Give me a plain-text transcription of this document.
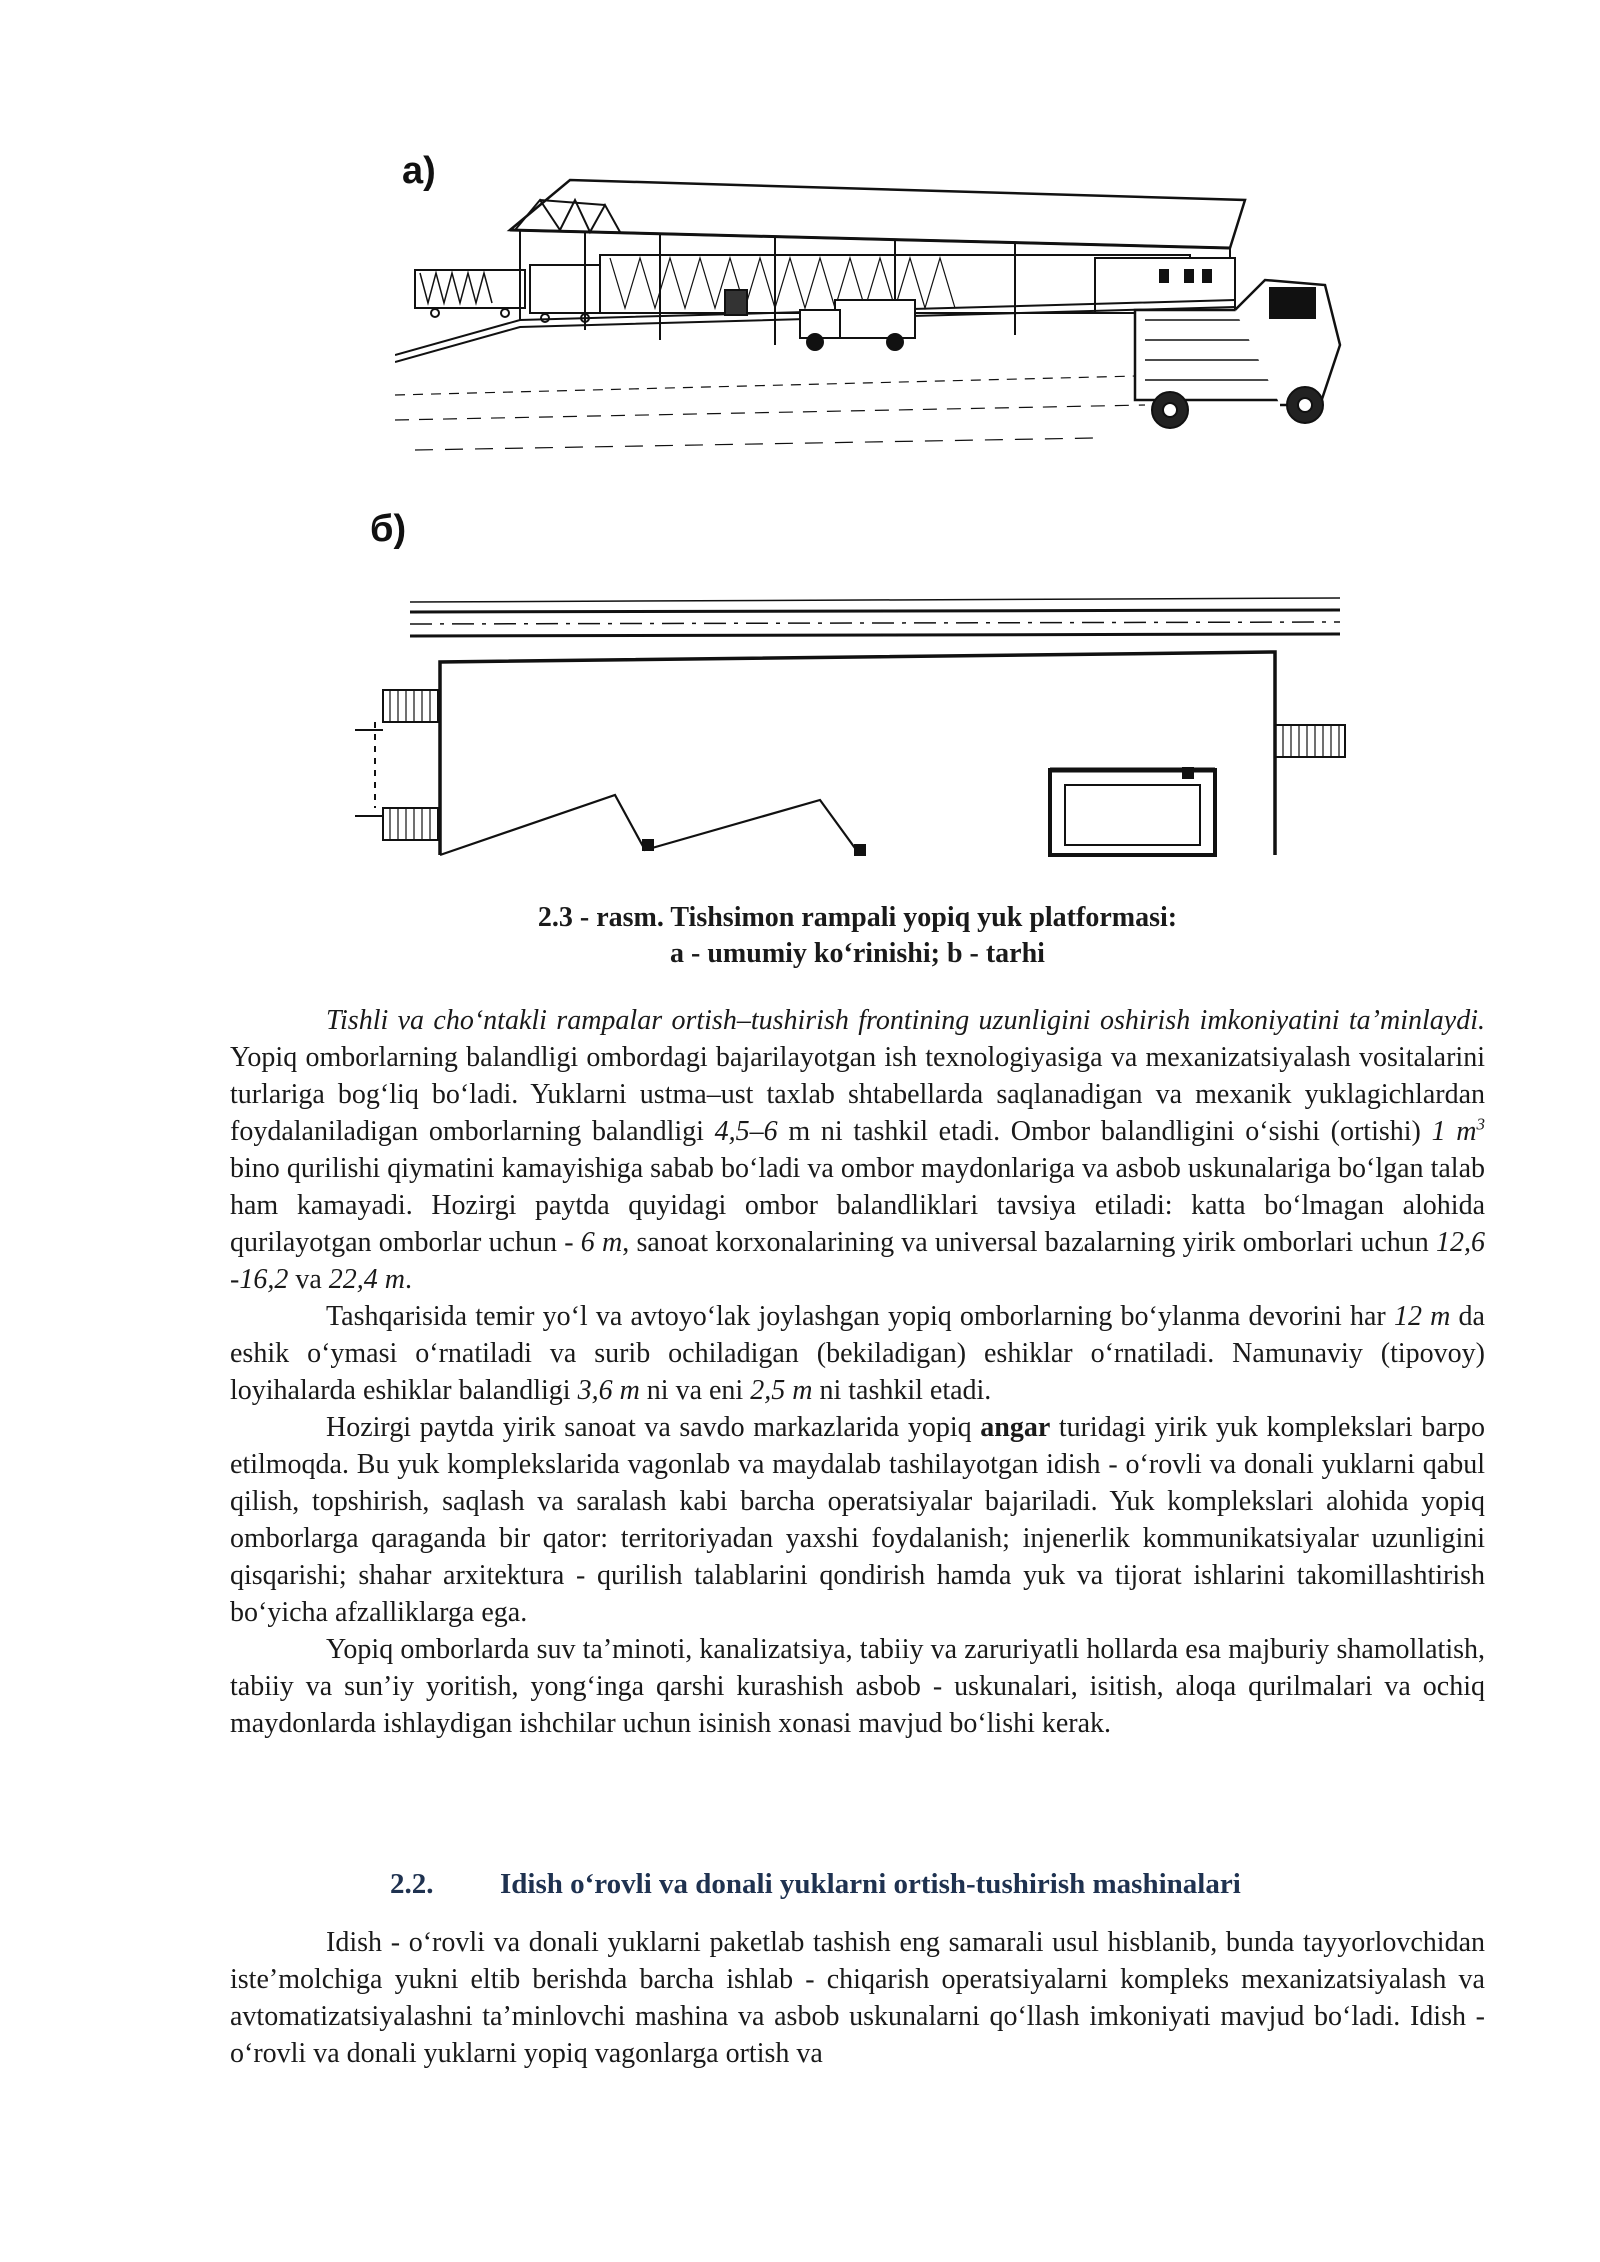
а)
б)
2.3 - rasm. Tishsimon rampali yopiq yuk platformasi:
a - umumiy ko‘rinishi; b - tarhi

Tishli va cho‘ntakli rampalar ortish–tushirish frontining uzunligini oshirish imkoniyatini ta’minlaydi. Yopiq omborlarning balandligi ombordagi bajarilayotgan ish texnologiyasiga va mexanizatsiyalash vositalarini turlariga bog‘liq bo‘ladi. Yuklarni ustma–ust taxlab shtabellarda saqlanadigan va mexanik yuklagichlardan foydalaniladigan omborlarning balandligi 4,5–6 m ni tashkil etadi. Ombor balandligini o‘sishi (ortishi) 1 $m^3$ bino qurilishi qiymatini kamayishiga sabab bo‘ladi va ombor maydonlariga va asbob uskunalariga bo‘lgan talab ham kamayadi. Hozirgi paytda quyidagi ombor balandliklari tavsiya etiladi: katta bo‘lmagan alohida qurilayotgan omborlar uchun - 6 m, sanoat korxonalarining va universal bazalarning yirik omborlari uchun 12,6 -16,2 va 22,4 m.

Tashqarisida temir yo‘l va avtoyo‘lak joylashgan yopiq omborlarning bo‘ylanma devorini har 12 m da eshik o‘ymasi o‘rnatiladi va surib ochiladigan (bekiladigan) eshiklar o‘rnatiladi. Namunaviy (tipovoy) loyihalarda eshiklar balandligi 3,6 m ni va eni 2,5 m ni tashkil etadi.

Hozirgi paytda yirik sanoat va savdo markazlarida yopiq angar turidagi yirik yuk komplekslari barpo etilmoqda. Bu yuk komplekslarida vagonlab va maydalab tashilayotgan idish - o‘rovli va donali yuklarni qabul qilish, topshirish, saqlash va saralash kabi barcha operatsiyalar bajariladi. Yuk komplekslari alohida yopiq omborlarga qaraganda bir qator: territoriyadan yaxshi foydalanish; injenerlik kommunikatsiyalar uzunligini qisqarishi; shahar arxitektura - qurilish talablarini qondirish hamda yuk va tijorat ishlarini takomillashtirish bo‘yicha afzalliklarga ega.

Yopiq omborlarda suv ta’minoti, kanalizatsiya, tabiiy va zaruriyatli hollarda esa majburiy shamollatish, tabiiy va sun’iy yoritish, yong‘inga qarshi kurashish asbob - uskunalari, isitish, aloqa qurilmalari va ochiq maydonlarda ishlaydigan ishchilar uchun isinish xonasi mavjud bo‘lishi kerak.

2.2. Idish o‘rovli va donali yuklarni ortish-tushirish mashinalari

Idish - o‘rovli va donali yuklarni paketlab tashish eng samarali usul hisblanib, bunda tayyorlovchidan iste’molchiga yukni eltib berishda barcha ishlab - chiqarish operatsiyalarni kompleks mexanizatsiyalash va avtomatizatsiyalashni ta’minlovchi mashina va asbob uskunalarni qo‘llash imkoniyati mavjud bo‘ladi. Idish - o‘rovli va donali yuklarni yopiq vagonlarga ortish va
